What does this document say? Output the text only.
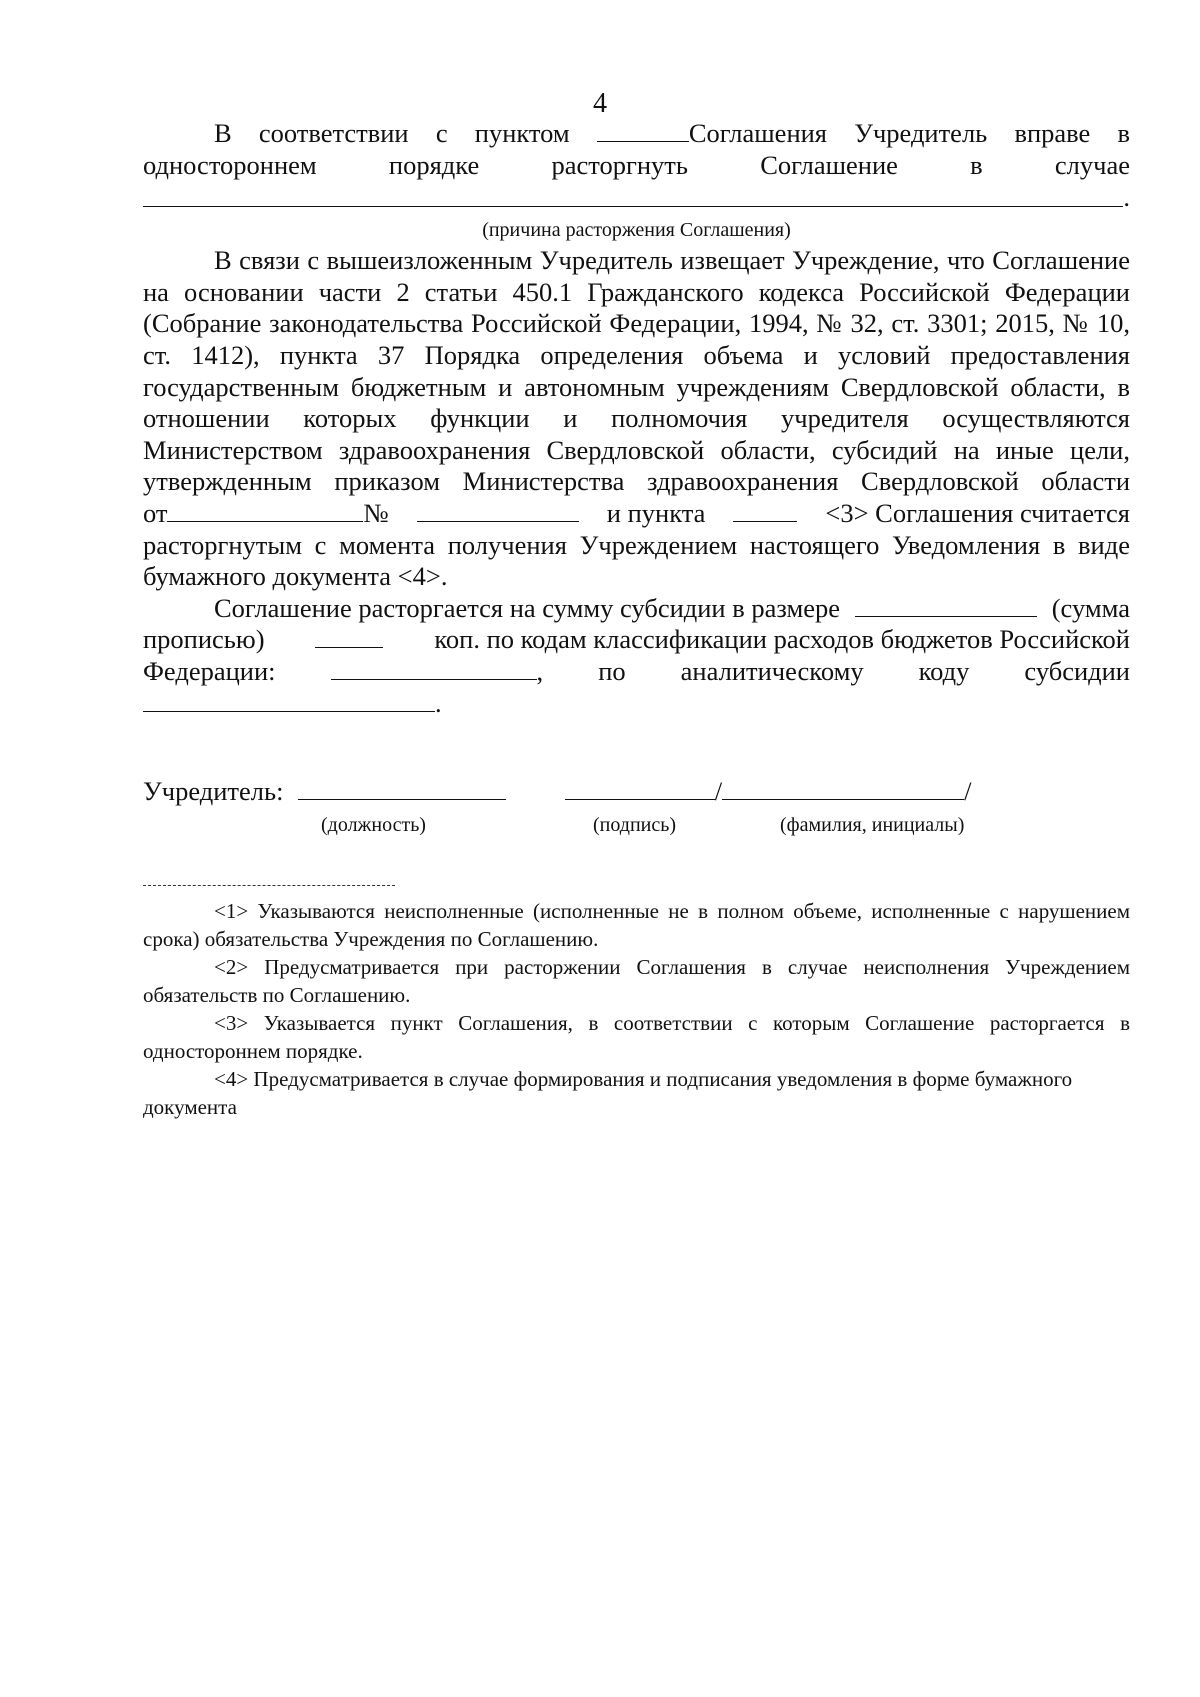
4
В соответствии с пунктом	Соглашения Учредитель вправе в
одностороннем	порядке	расторгнуть	Соглашение	в	случае
.
(причина расторжения Соглашения)
В связи с вышеизложенным Учредитель извещает Учреждение, что Соглашение
на основании части 2 статьи 450.1 Гражданского кодекса Российской Федерации
(Собрание законодательства Российской Федерации, 1994, № 32, ст. 3301; 2015, № 10,
ст. 1412), пункта 37 Порядка определения объема и условий предоставления
государственным бюджетным и автономным учреждениям Свердловской области, в
отношении которых функции и полномочия учредителя осуществляются
Министерством здравоохранения Свердловской области, субсидий на иные цели,
утвержденным приказом Министерства здравоохранения Свердловской области
от	№	и пункта	<3> Соглашения считается
расторгнутым с момента получения Учреждением настоящего Уведомления в виде
бумажного документа <4>.
Соглашение расторгается на сумму субсидии в размере	(сумма
прописью)	коп. по кодам классификации расходов бюджетов Российской
Федерации:	, по аналитическому коду субсидии
.
Учредитель:	/	/
(должность)	(подпись)	(фамилия, инициалы)

<1> Указываются неисполненные (исполненные не в полном объеме, исполненные с нарушением срока) обязательства Учреждения по Соглашению.

<2> Предусматривается при расторжении Соглашения в случае неисполнения Учреждением обязательств по Соглашению.

<3> Указывается пункт Соглашения, в соответствии с которым Соглашение расторгается в одностороннем порядке.

<4> Предусматривается в случае формирования и подписания уведомления в форме бумажного документа
